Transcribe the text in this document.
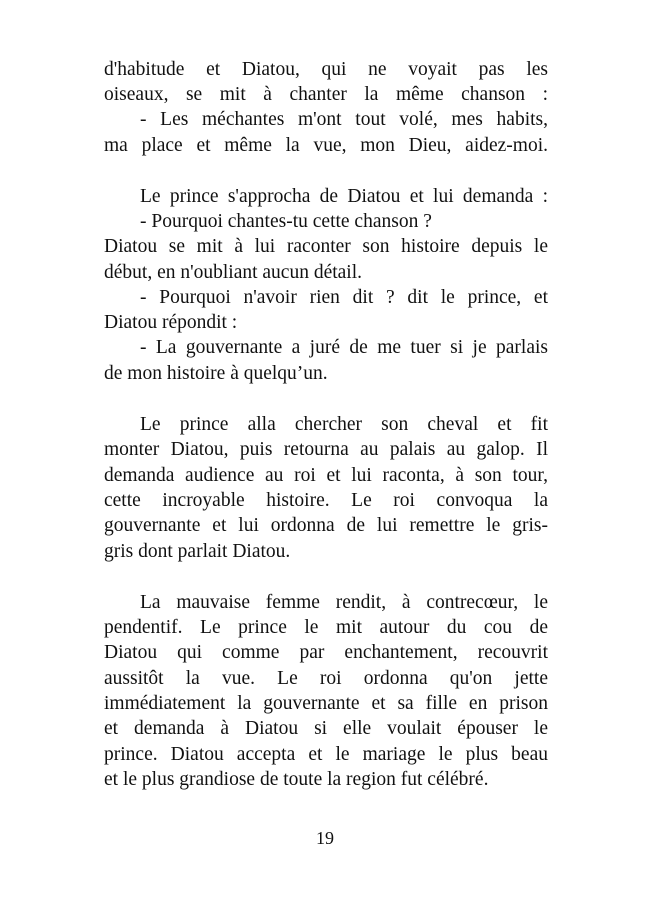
d'habitude et Diatou, qui ne voyait pas les
oiseaux, se mit à chanter la même chanson :
- Les méchantes m'ont tout volé, mes habits,
ma place et même la vue, mon Dieu, aidez-moi.
Le prince s'approcha de Diatou et lui demanda :
- Pourquoi chantes-tu cette chanson ?
Diatou se mit à lui raconter son histoire depuis le
début, en n'oubliant aucun détail.
- Pourquoi n'avoir rien dit ? dit le prince, et
Diatou répondit :
- La gouvernante a juré de me tuer si je parlais
de mon histoire à quelqu’un.
Le prince alla chercher son cheval et fit
monter Diatou, puis retourna au palais au galop. Il
demanda audience au roi et lui raconta, à son tour,
cette incroyable histoire. Le roi convoqua la
gouvernante et lui ordonna de lui remettre le gris-
gris dont parlait Diatou.
La mauvaise femme rendit, à contrecœur, le
pendentif. Le prince le mit autour du cou de
Diatou qui comme par enchantement, recouvrit
aussitôt la vue. Le roi ordonna qu'on jette
immédiatement la gouvernante et sa fille en prison
et demanda à Diatou si elle voulait épouser le
prince. Diatou accepta et le mariage le plus beau
et le plus grandiose de toute la region fut célébré.
19
